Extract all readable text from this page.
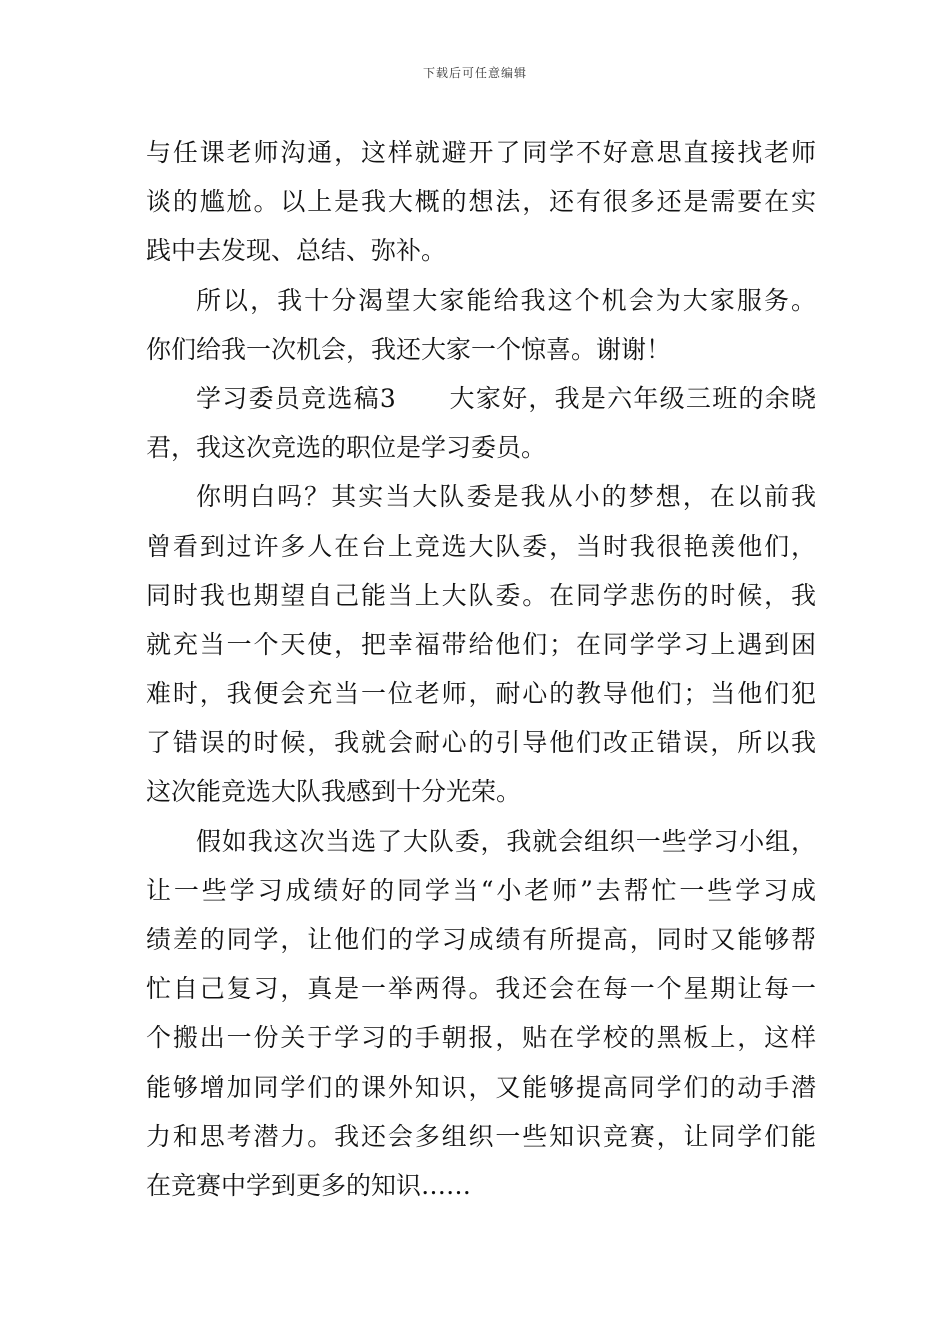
下载后可任意编辑
与任课老师沟通，这样就避开了同学不好意思直接找老师
谈的尴尬。以上是我大概的想法，还有很多还是需要在实
践中去发现、总结、弥补。
所以，我十分渴望大家能给我这个机会为大家服务。
你们给我一次机会，我还大家一个惊喜。谢谢！
学习委员竞选稿3　　大家好，我是六年级三班的余晓
君，我这次竞选的职位是学习委员。
你明白吗？其实当大队委是我从小的梦想，在以前我
曾看到过许多人在台上竞选大队委，当时我很艳羡他们，
同时我也期望自己能当上大队委。在同学悲伤的时候，我
就充当一个天使，把幸福带给他们；在同学学习上遇到困
难时，我便会充当一位老师，耐心的教导他们；当他们犯
了错误的时候，我就会耐心的引导他们改正错误，所以我
这次能竞选大队我感到十分光荣。
假如我这次当选了大队委，我就会组织一些学习小组，
让一些学习成绩好的同学当“小老师”去帮忙一些学习成
绩差的同学，让他们的学习成绩有所提高，同时又能够帮
忙自己复习，真是一举两得。我还会在每一个星期让每一
个搬出一份关于学习的手朝报，贴在学校的黑板上，这样
能够增加同学们的课外知识，又能够提高同学们的动手潜
力和思考潜力。我还会多组织一些知识竞赛，让同学们能
在竞赛中学到更多的知识……
